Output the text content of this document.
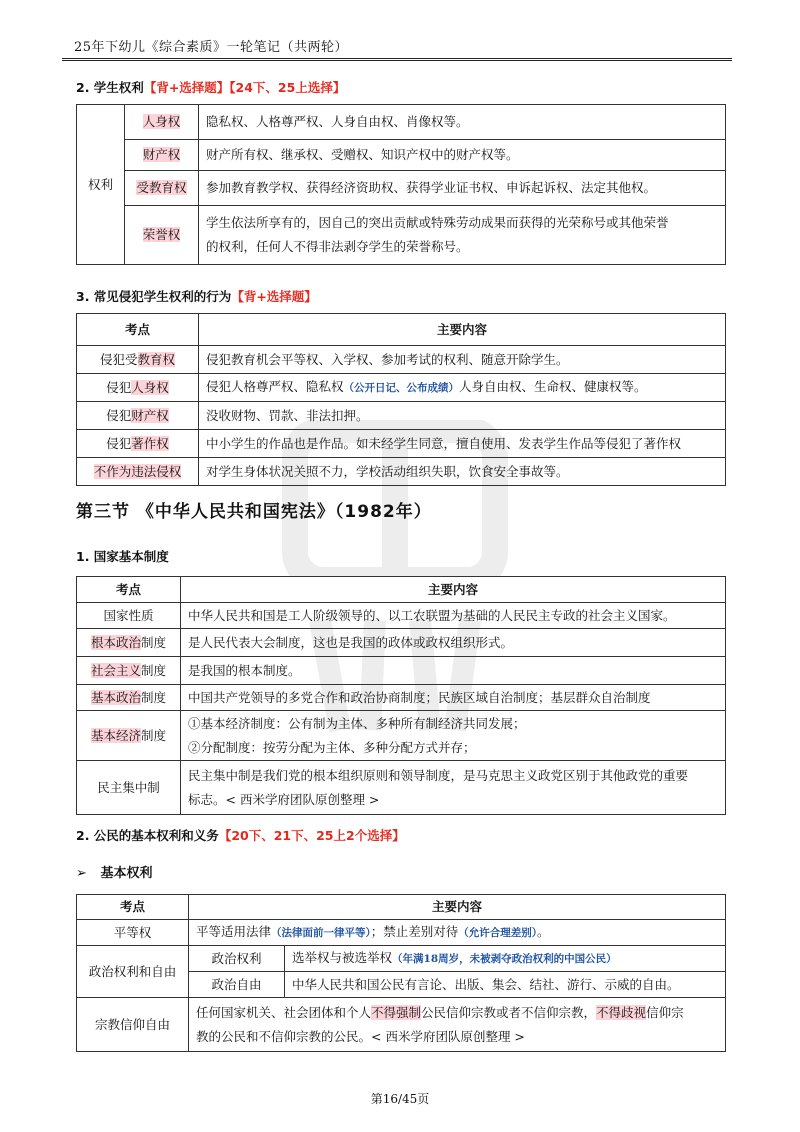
25年下幼儿《综合素质》一轮笔记（共两轮）
2. 学生权利【背+选择题】【24下、25上选择】
权利	人身权	隐私权、人格尊严权、人身自由权、肖像权等。
	财产权	财产所有权、继承权、受赠权、知识产权中的财产权等。
	受教育权	参加教育教学权、获得经济资助权、获得学业证书权、申诉起诉权、法定其他权。
	荣誉权	学生依法所享有的，因自己的突出贡献或特殊劳动成果而获得的光荣称号或其他荣誉
的权利，任何人不得非法剥夺学生的荣誉称号。
3. 常见侵犯学生权利的行为【背+选择题】
考点	主要内容
侵犯受教育权	侵犯教育机会平等权、入学权、参加考试的权利、随意开除学生。
侵犯人身权	侵犯人格尊严权、隐私权（公开日记、公布成绩）人身自由权、生命权、健康权等。
侵犯财产权	没收财物、罚款、非法扣押。
侵犯著作权	中小学生的作品也是作品。如未经学生同意，擅自使用、发表学生作品等侵犯了著作权
不作为违法侵权	对学生身体状况关照不力，学校活动组织失职，饮食安全事故等。
第三节 《中华人民共和国宪法》（1982年）
1. 国家基本制度
考点	主要内容
国家性质	中华人民共和国是工人阶级领导的、以工农联盟为基础的人民民主专政的社会主义国家。
根本政治制度	是人民代表大会制度，这也是我国的政体或政权组织形式。
社会主义制度	是我国的根本制度。
基本政治制度	中国共产党领导的多党合作和政治协商制度；民族区域自治制度；基层群众自治制度
基本经济制度	①基本经济制度：公有制为主体、多种所有制经济共同发展；
②分配制度：按劳分配为主体、多种分配方式并存；

民主集中制	民主集中制是我们党的根本组织原则和领导制度，是马克思主义政党区别于其他政党的重要
标志。< 西米学府团队原创整理 >
2. 公民的基本权利和义务【20下、21下、25上2个选择】
➢ 基本权利
考点	主要内容	
平等权	平等适用法律（法律面前一律平等）；禁止差别对待（允许合理差别）。	
政治权利和自由	政治权利	选举权与被选举权（年满18周岁，未被剥夺政治权利的中国公民）
	政治自由	中华人民共和国公民有言论、出版、集会、结社、游行、示威的自由。
宗教信仰自由	任何国家机关、社会团体和个人不得强制公民信仰宗教或者不信仰宗教，不得歧视信仰宗
教的公民和不信仰宗教的公民。< 西米学府团队原创整理 >	
第16/45页
